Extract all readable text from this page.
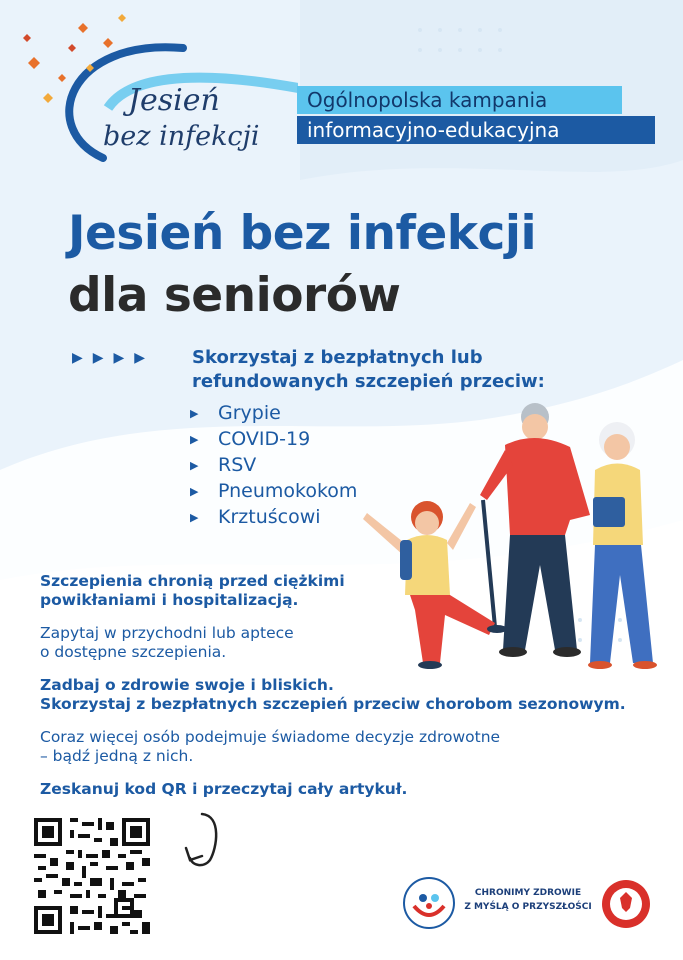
Jesień
bez infekcji
Ogólnopolska kampania
informacyjno-edukacyjna
Jesień bez infekcji
dla seniorów
▶▶▶▶ Skorzystaj z bezpłatnych lub
refundowanych szczepień przeciw:
▶ Grypie
▶ COVID-19
▶ RSV
▶ Pneumokokom
▶ Krztuścowi
Szczepienia chronią przed ciężkimi
powikłaniami i hospitalizacją.
Zapytaj w przychodni lub aptece
o dostępne szczepienia.
Zadbaj o zdrowie swoje i bliskich.
Skorzystaj z bezpłatnych szczepień przeciw chorobom sezonowym.
Coraz więcej osób podejmuje świadome decyzje zdrowotne
– bądź jedną z nich.
Zeskanuj kod QR i przeczytaj cały artykuł.
CHRONIMY ZDROWIE
Z MYŚLĄ O PRZYSZŁOŚCI
